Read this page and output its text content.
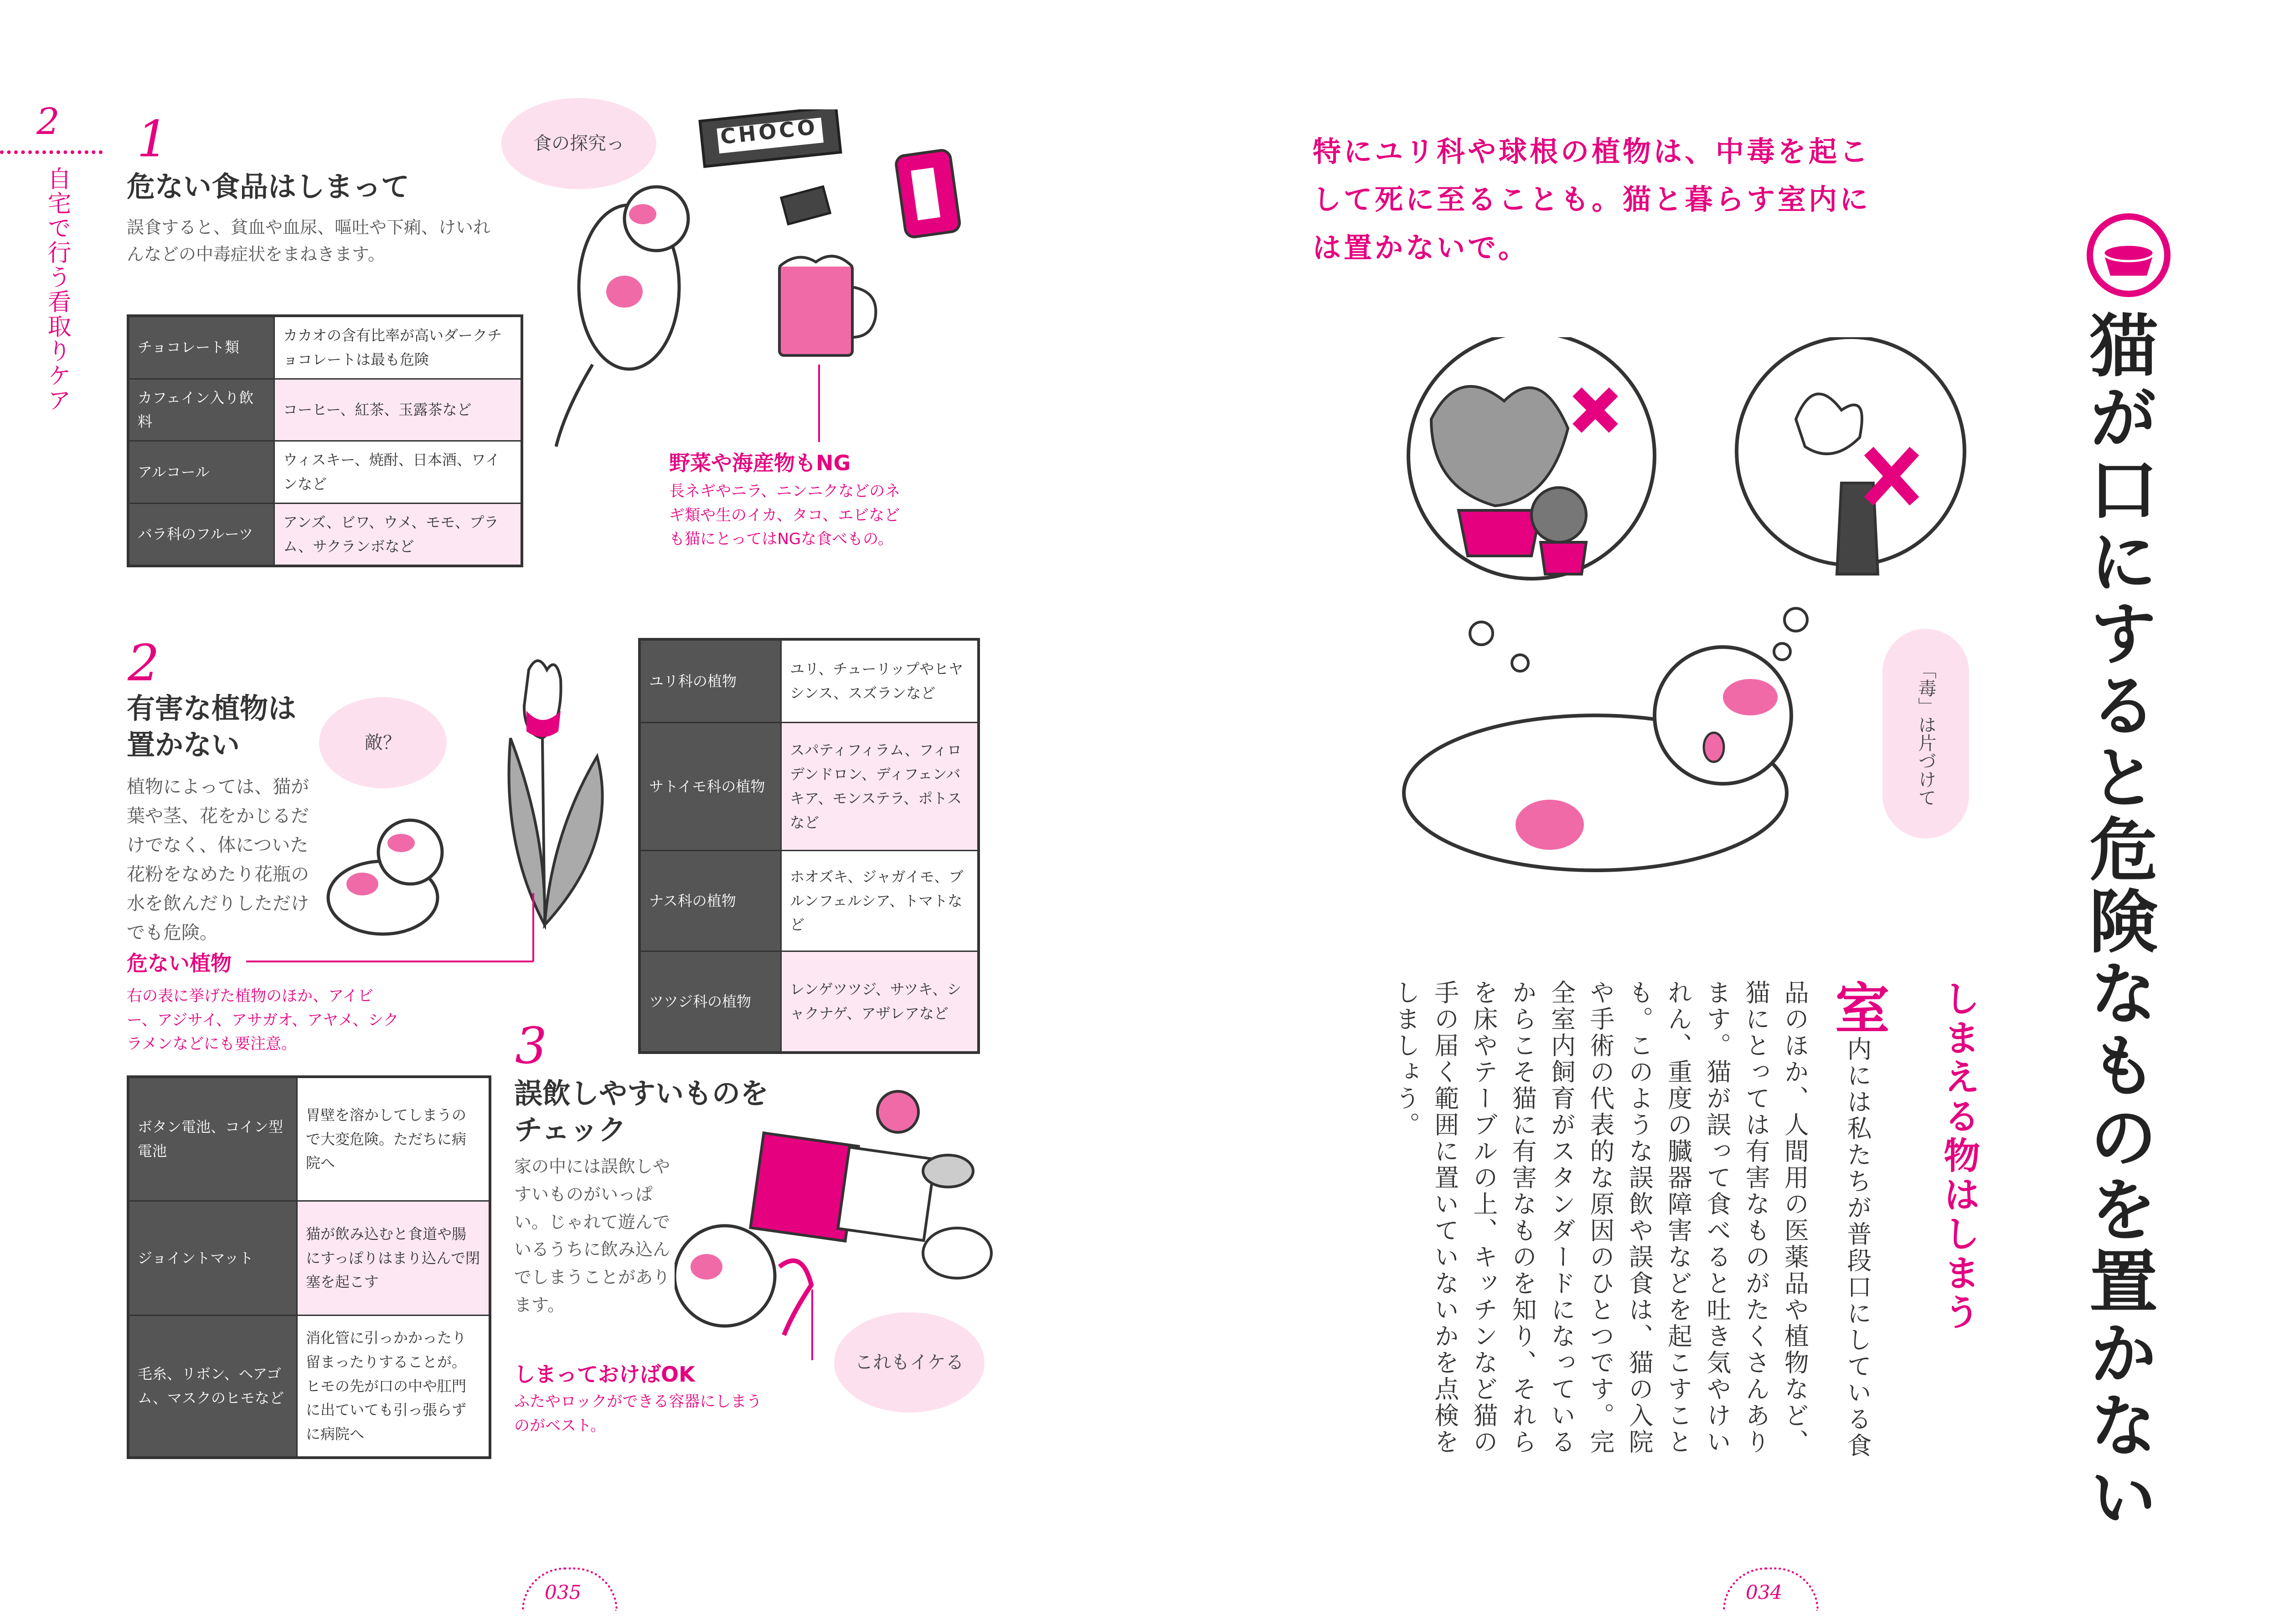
2
自宅で行う看取りケア
1
危ない食品はしまって
誤食すると、貧血や血尿、嘔吐や下痢、けいれんなどの中毒症状をまねきます。
チョコレート類	カカオの含有比率が高いダークチョコレートは最も危険
カフェイン入り飲料	コーヒー、紅茶、玉露茶など
アルコール	ウィスキー、焼酎、日本酒、ワインなど
バラ科のフルーツ	アンズ、ビワ、ウメ、モモ、プラム、サクランボなど
食の探究っ	CHOCO
野菜や海産物もNG
長ネギやニラ、ニンニクなどのネギ類や生のイカ、タコ、エビなども猫にとってはNGな食べもの。
2
有害な植物は
置かない
植物によっては、猫が葉や茎、花をかじるだけでなく、体についた花粉をなめたり花瓶の水を飲んだりしただけでも危険。
敵？
危ない植物
右の表に挙げた植物のほか、アイビー、アジサイ、アサガオ、アヤメ、シクラメンなどにも要注意。
ユリ科の植物	ユリ、チューリップやヒヤシンス、スズランなど
サトイモ科の植物	スパティフィラム、フィロデンドロン、ディフェンバキア、モンステラ、ポトスなど
ナス科の植物	ホオズキ、ジャガイモ、ブルンフェルシア、トマトなど
ツツジ科の植物	レンゲツツジ、サツキ、シャクナゲ、アザレアなど
ボタン電池、コイン型電池	胃壁を溶かしてしまうので大変危険。ただちに病院へ
ジョイントマット	猫が飲み込むと食道や腸にすっぽりはまり込んで閉塞を起こす
毛糸、リボン、ヘアゴム、マスクのヒモなど	消化管に引っかかったり留まったりすることが。ヒモの先が口の中や肛門に出ていても引っ張らずに病院へ
3
誤飲しやすいものを
チェック
家の中には誤飲しやすいものがいっぱい。じゃれて遊んでいるうちに飲み込んでしまうことがあります。
これもイケる
しまっておけばOK
ふたやロックができる容器にしまうのがベスト。
035
特にユリ科や球根の植物は、中毒を起こして死に至ることも。猫と暮らす室内には置かないで。
猫が口にすると危険なものを置かない
「毒」は片づけて
しまえる物はしまう
室内には私たちが普段口にしている食品のほか、人間用の医薬品や植物など、猫にとっては有害なものがたくさんあります。猫が誤って食べると吐き気やけいれん、重度の臓器障害などを起こすことも。このような誤飲や誤食は、猫の入院や手術の代表的な原因のひとつです。完全室内飼育がスタンダードになっているからこそ猫に有害なものを知り、それらを床やテーブルの上、キッチンなど猫の手の届く範囲に置いていないかを点検をしましょう。
034
